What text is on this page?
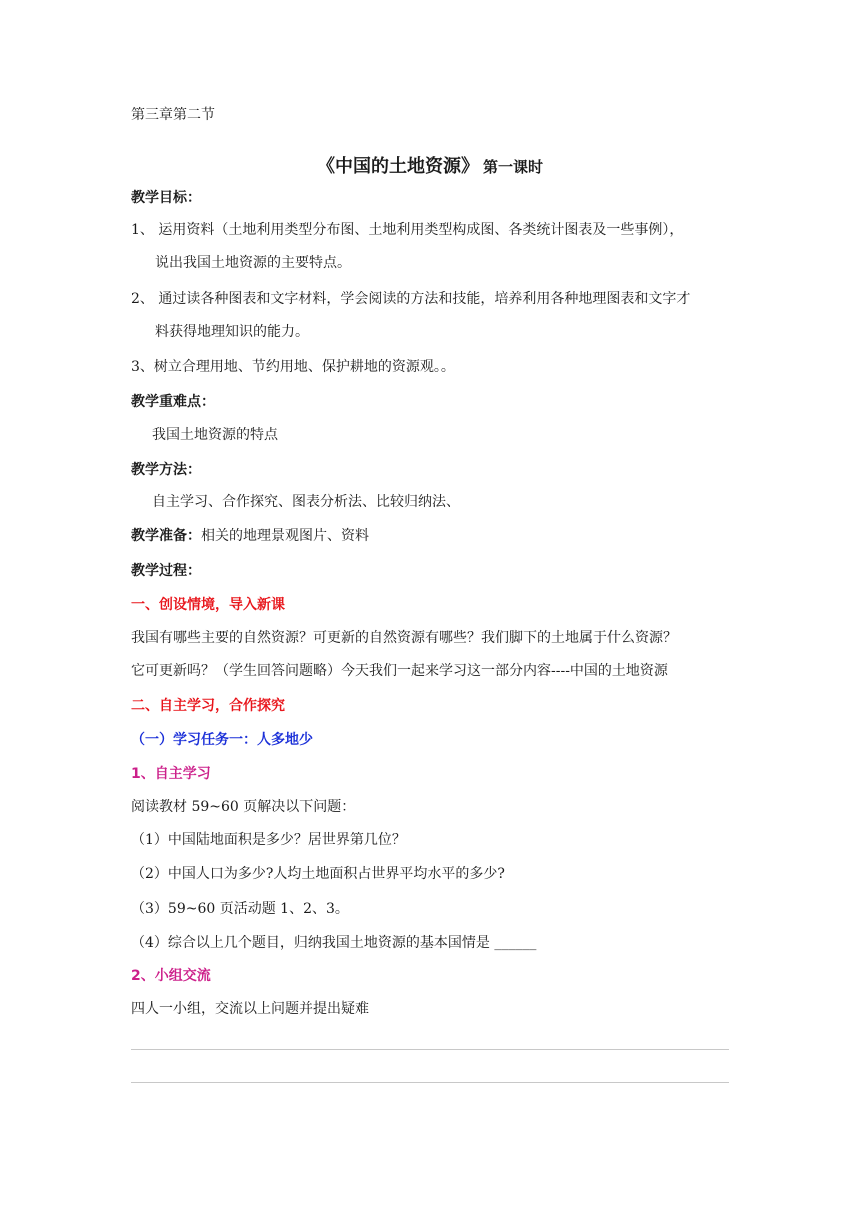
第三章第二节
《中国的土地资源》 第一课时
教学目标：
1、 运用资料（土地利用类型分布图、土地利用类型构成图、各类统计图表及一些事例），
说出我国土地资源的主要特点。
2、 通过读各种图表和文字材料，学会阅读的方法和技能，培养利用各种地理图表和文字才
料获得地理知识的能力。
3、树立合理用地、节约用地、保护耕地的资源观。。
教学重难点：
我国土地资源的特点
教学方法：
自主学习、合作探究、图表分析法、比较归纳法、
教学准备：相关的地理景观图片、资料
教学过程：
一、创设情境，导入新课
我国有哪些主要的自然资源？可更新的自然资源有哪些？我们脚下的土地属于什么资源？
它可更新吗？（学生回答问题略）今天我们一起来学习这一部分内容----中国的土地资源
二、自主学习，合作探究
（一）学习任务一：人多地少
1、自主学习
阅读教材 59~60 页解决以下问题：
（1）中国陆地面积是多少？居世界第几位？
（2）中国人口为多少?人均土地面积占世界平均水平的多少?
（3）59~60 页活动题 1、2、3。
（4）综合以上几个题目，归纳我国土地资源的基本国情是 ______
2、小组交流
四人一小组，交流以上问题并提出疑难
